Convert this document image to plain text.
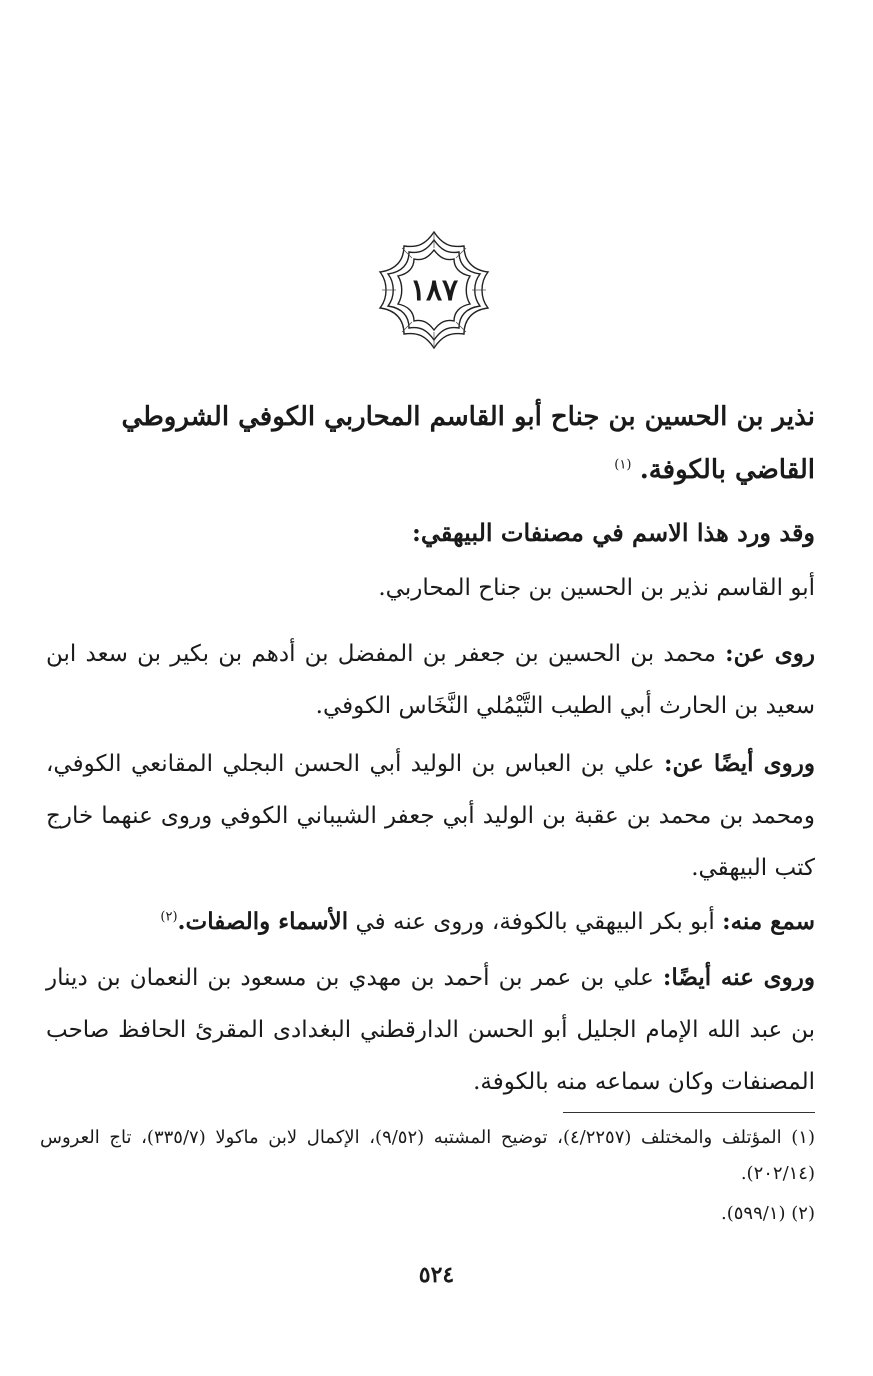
١٨٧
نذير بن الحسين بن جناح أبو القاسم المحاربي الكوفي الشروطي
القاضي بالكوفة. $^{(١)}$
وقد ورد هذا الاسم في مصنفات البيهقي:
أبو القاسم نذير بن الحسين بن جناح المحاربي.
روى عن: محمد بن الحسين بن جعفر بن المفضل بن أدهم بن بكير بن سعد ابن سعيد بن الحارث أبي الطيب التَّيْمُلي النَّخَاس الكوفي.
وروى أيضًا عن: علي بن العباس بن الوليد أبي الحسن البجلي المقانعي الكوفي، ومحمد بن محمد بن عقبة بن الوليد أبي جعفر الشيباني الكوفي وروى عنهما خارج كتب البيهقي.
سمع منه: أبو بكر البيهقي بالكوفة، وروى عنه في الأسماء والصفات.$^{(٢)}$
وروى عنه أيضًا: علي بن عمر بن أحمد بن مهدي بن مسعود بن النعمان بن دينار بن عبد الله الإمام الجليل أبو الحسن الدارقطني البغدادى المقرئ الحافظ صاحب المصنفات وكان سماعه منه بالكوفة.
(١) المؤتلف والمختلف (٤/٢٢٥٧)، توضيح المشتبه (٩/٥٢)، الإكمال لابن ماكولا (٣٣٥/٧)، تاج العروس (٢٠٢/١٤).
(٢) (٥٩٩/١).
٥٢٤
